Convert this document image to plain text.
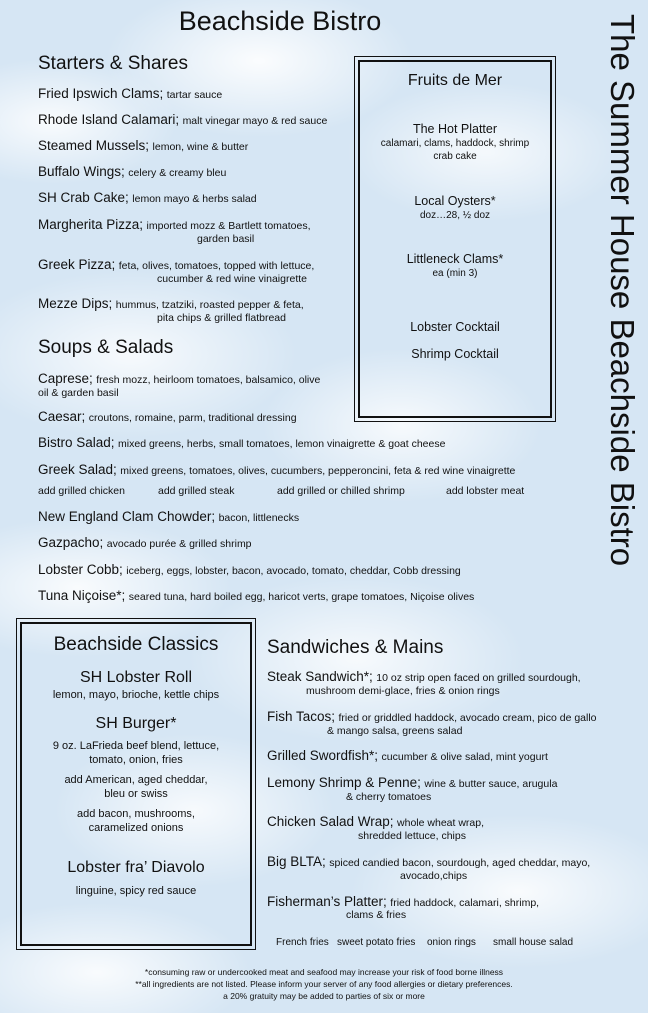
Beachside Bistro	The Summer House Beachside Bistro
Starters & Shares
Fried Ipswich Clams; tartar sauce
Rhode Island Calamari; malt vinegar mayo & red sauce
Steamed Mussels; lemon, wine & butter
Buffalo Wings; celery & creamy bleu
SH Crab Cake; lemon mayo & herbs salad
Margherita Pizza; imported mozz & Bartlett tomatoes,
garden basil
Greek Pizza; feta, olives, tomatoes, topped with lettuce,
cucumber & red wine vinaigrette
Mezze Dips; hummus, tzatziki, roasted pepper & feta,
pita chips & grilled flatbread
Fruits de Mer
The Hot Platter
calamari, clams, haddock, shrimp
crab cake
Local Oysters*
doz…28, ½ doz
Littleneck Clams*
ea (min 3)
Lobster Cocktail
Shrimp Cocktail
Soups & Salads
Caprese; fresh mozz, heirloom tomatoes, balsamico, olive
oil & garden basil
Caesar; croutons, romaine, parm, traditional dressing
Bistro Salad; mixed greens, herbs, small tomatoes, lemon vinaigrette & goat cheese
Greek Salad; mixed greens, tomatoes, olives, cucumbers, pepperoncini, feta & red wine vinaigrette
add grilled chicken	add grilled steak	add grilled or chilled shrimp	add lobster meat
New England Clam Chowder; bacon, littlenecks
Gazpacho; avocado purée & grilled shrimp
Lobster Cobb; iceberg, eggs, lobster, bacon, avocado, tomato, cheddar, Cobb dressing
Tuna Niçoise*; seared tuna, hard boiled egg, haricot verts, grape tomatoes, Niçoise olives
Beachside Classics
SH Lobster Roll
lemon, mayo, brioche, kettle chips
SH Burger*
9 oz. LaFrieda beef blend, lettuce,
tomato, onion, fries
add American, aged cheddar,
bleu or swiss
add bacon, mushrooms,
caramelized onions
Lobster fra’ Diavolo
linguine, spicy red sauce
Sandwiches & Mains
Steak Sandwich*; 10 oz strip open faced on grilled sourdough,
mushroom demi-glace, fries & onion rings
Fish Tacos; fried or griddled haddock, avocado cream, pico de gallo
& mango salsa, greens salad
Grilled Swordfish*; cucumber & olive salad, mint yogurt
Lemony Shrimp & Penne; wine & butter sauce, arugula
& cherry tomatoes
Chicken Salad Wrap; whole wheat wrap,
shredded lettuce, chips
Big BLTA; spiced candied bacon, sourdough, aged cheddar, mayo,
avocado,chips
Fisherman’s Platter; fried haddock, calamari, shrimp,
clams & fries
French fries sweet potato fries onion rings small house salad
*consuming raw or undercooked meat and seafood may increase your risk of food borne illness
**all ingredients are not listed. Please inform your server of any food allergies or dietary preferences.
a 20% gratuity may be added to parties of six or more
